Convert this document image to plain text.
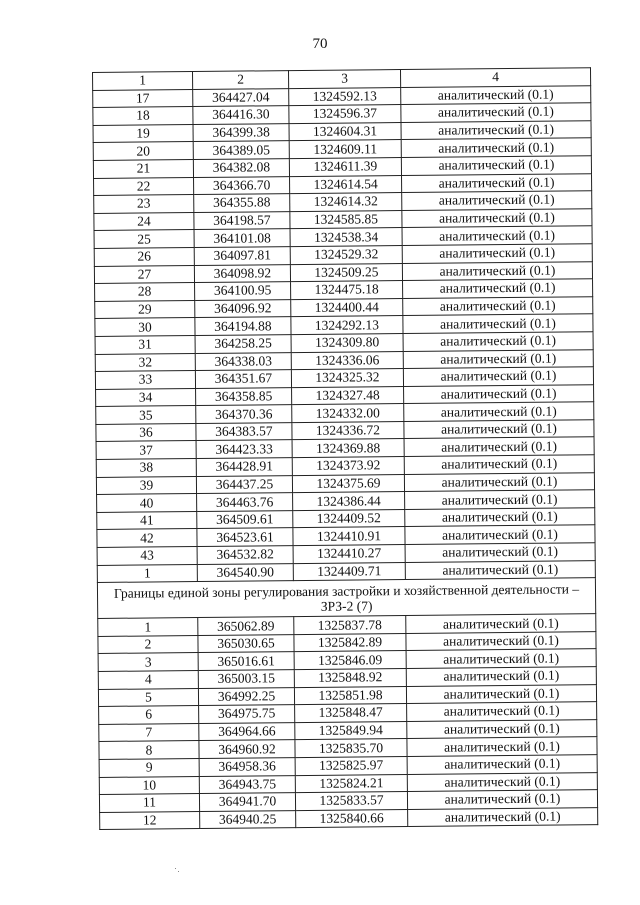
70
1	2	3	4
17	364427.04	1324592.13	аналитический (0.1)
18	364416.30	1324596.37	аналитический (0.1)
19	364399.38	1324604.31	аналитический (0.1)
20	364389.05	1324609.11	аналитический (0.1)
21	364382.08	1324611.39	аналитический (0.1)
22	364366.70	1324614.54	аналитический (0.1)
23	364355.88	1324614.32	аналитический (0.1)
24	364198.57	1324585.85	аналитический (0.1)
25	364101.08	1324538.34	аналитический (0.1)
26	364097.81	1324529.32	аналитический (0.1)
27	364098.92	1324509.25	аналитический (0.1)
28	364100.95	1324475.18	аналитический (0.1)
29	364096.92	1324400.44	аналитический (0.1)
30	364194.88	1324292.13	аналитический (0.1)
31	364258.25	1324309.80	аналитический (0.1)
32	364338.03	1324336.06	аналитический (0.1)
33	364351.67	1324325.32	аналитический (0.1)
34	364358.85	1324327.48	аналитический (0.1)
35	364370.36	1324332.00	аналитический (0.1)
36	364383.57	1324336.72	аналитический (0.1)
37	364423.33	1324369.88	аналитический (0.1)
38	364428.91	1324373.92	аналитический (0.1)
39	364437.25	1324375.69	аналитический (0.1)
40	364463.76	1324386.44	аналитический (0.1)
41	364509.61	1324409.52	аналитический (0.1)
42	364523.61	1324410.91	аналитический (0.1)
43	364532.82	1324410.27	аналитический (0.1)
1	364540.90	1324409.71	аналитический (0.1)
Границы единой зоны регулирования застройки и хозяйственной деятельности – ЗРЗ-2 (7)			
1	365062.89	1325837.78	аналитический (0.1)
2	365030.65	1325842.89	аналитический (0.1)
3	365016.61	1325846.09	аналитический (0.1)
4	365003.15	1325848.92	аналитический (0.1)
5	364992.25	1325851.98	аналитический (0.1)
6	364975.75	1325848.47	аналитический (0.1)
7	364964.66	1325849.94	аналитический (0.1)
8	364960.92	1325835.70	аналитический (0.1)
9	364958.36	1325825.97	аналитический (0.1)
10	364943.75	1325824.21	аналитический (0.1)
11	364941.70	1325833.57	аналитический (0.1)
12	364940.25	1325840.66	аналитический (0.1)
